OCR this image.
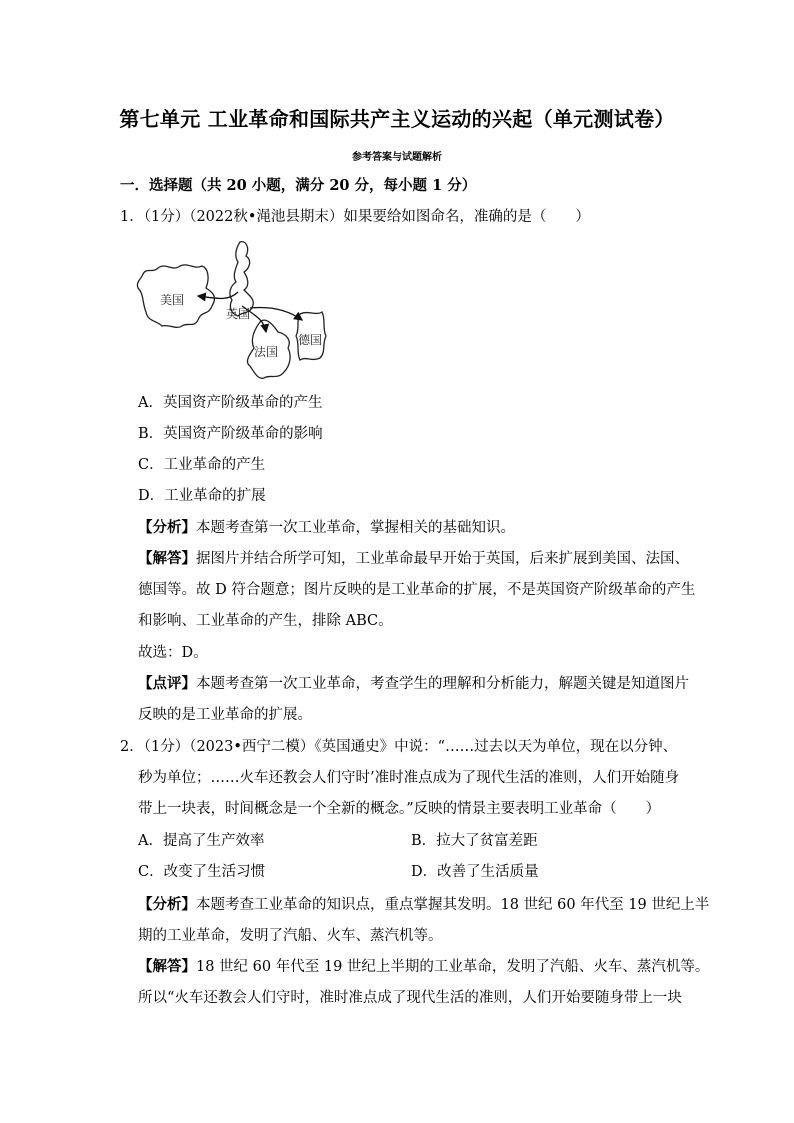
第七单元 工业革命和国际共产主义运动的兴起（单元测试卷）
参考答案与试题解析
一．选择题（共 20 小题，满分 20 分，每小题 1 分）
1．（1分）（2022秋•渑池县期末）如果要给如图命名，准确的是（　　）
美国
英国
法国
德国
A．英国资产阶级革命的产生
B．英国资产阶级革命的影响
C．工业革命的产生
D．工业革命的扩展
【分析】本题考查第一次工业革命，掌握相关的基础知识。
【解答】据图片并结合所学可知，工业革命最早开始于英国，后来扩展到美国、法国、
德国等。故 D 符合题意；图片反映的是工业革命的扩展，不是英国资产阶级革命的产生
和影响、工业革命的产生，排除 ABC。
故选：D。
【点评】本题考查第一次工业革命，考查学生的理解和分析能力，解题关键是知道图片
反映的是工业革命的扩展。
2．（1分）（2023•西宁二模）《英国通史》中说：“……过去以天为单位，现在以分钟、
秒为单位；……火车还教会人们守时’准时准点成为了现代生活的准则，人们开始随身
带上一块表，时间概念是一个全新的概念。”反映的情景主要表明工业革命（　　）
A．提高了生产效率	B．拉大了贫富差距
C．改变了生活习惯	D．改善了生活质量
【分析】本题考查工业革命的知识点，重点掌握其发明。18 世纪 60 年代至 19 世纪上半
期的工业革命，发明了汽船、火车、蒸汽机等。
【解答】18 世纪 60 年代至 19 世纪上半期的工业革命，发明了汽船、火车、蒸汽机等。
所以“火车还教会人们守时，准时准点成了现代生活的准则，人们开始要随身带上一块
